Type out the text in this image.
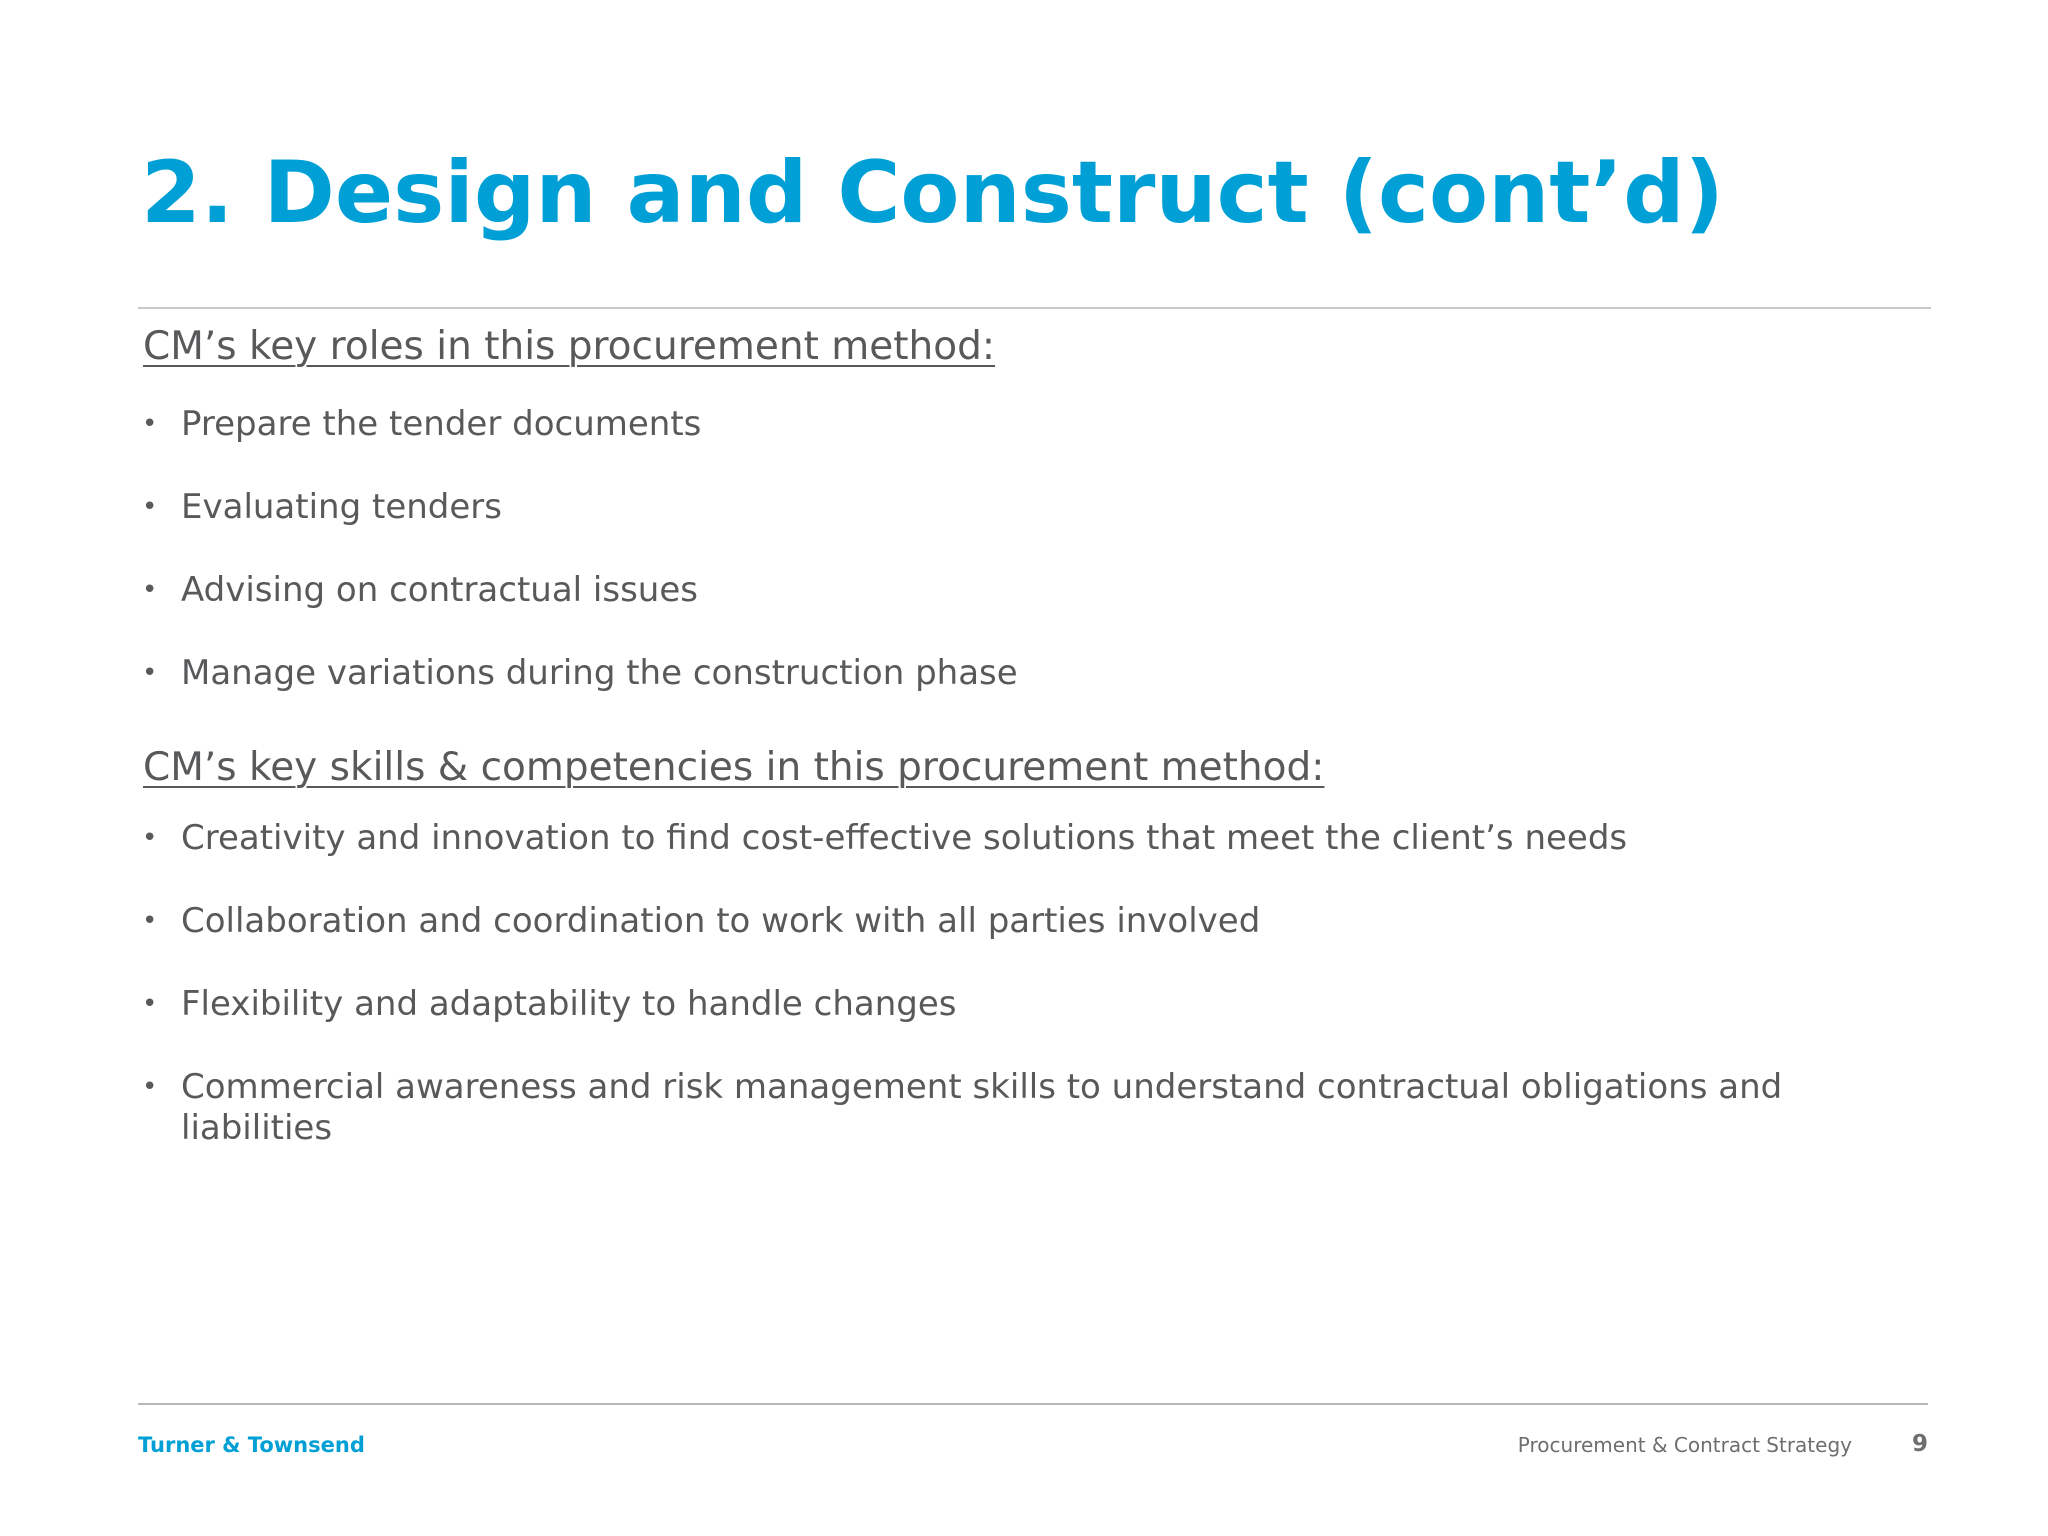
2. Design and Construct (cont’d)
CM’s key roles in this procurement method:
• Prepare the tender documents
• Evaluating tenders
• Advising on contractual issues
• Manage variations during the construction phase
CM’s key skills & competencies in this procurement method:
• Creativity and innovation to find cost-effective solutions that meet the client’s needs
• Collaboration and coordination to work with all parties involved
• Flexibility and adaptability to handle changes
• Commercial awareness and risk management skills to understand contractual obligations and liabilities
Turner & Townsend	Procurement & Contract Strategy	9
